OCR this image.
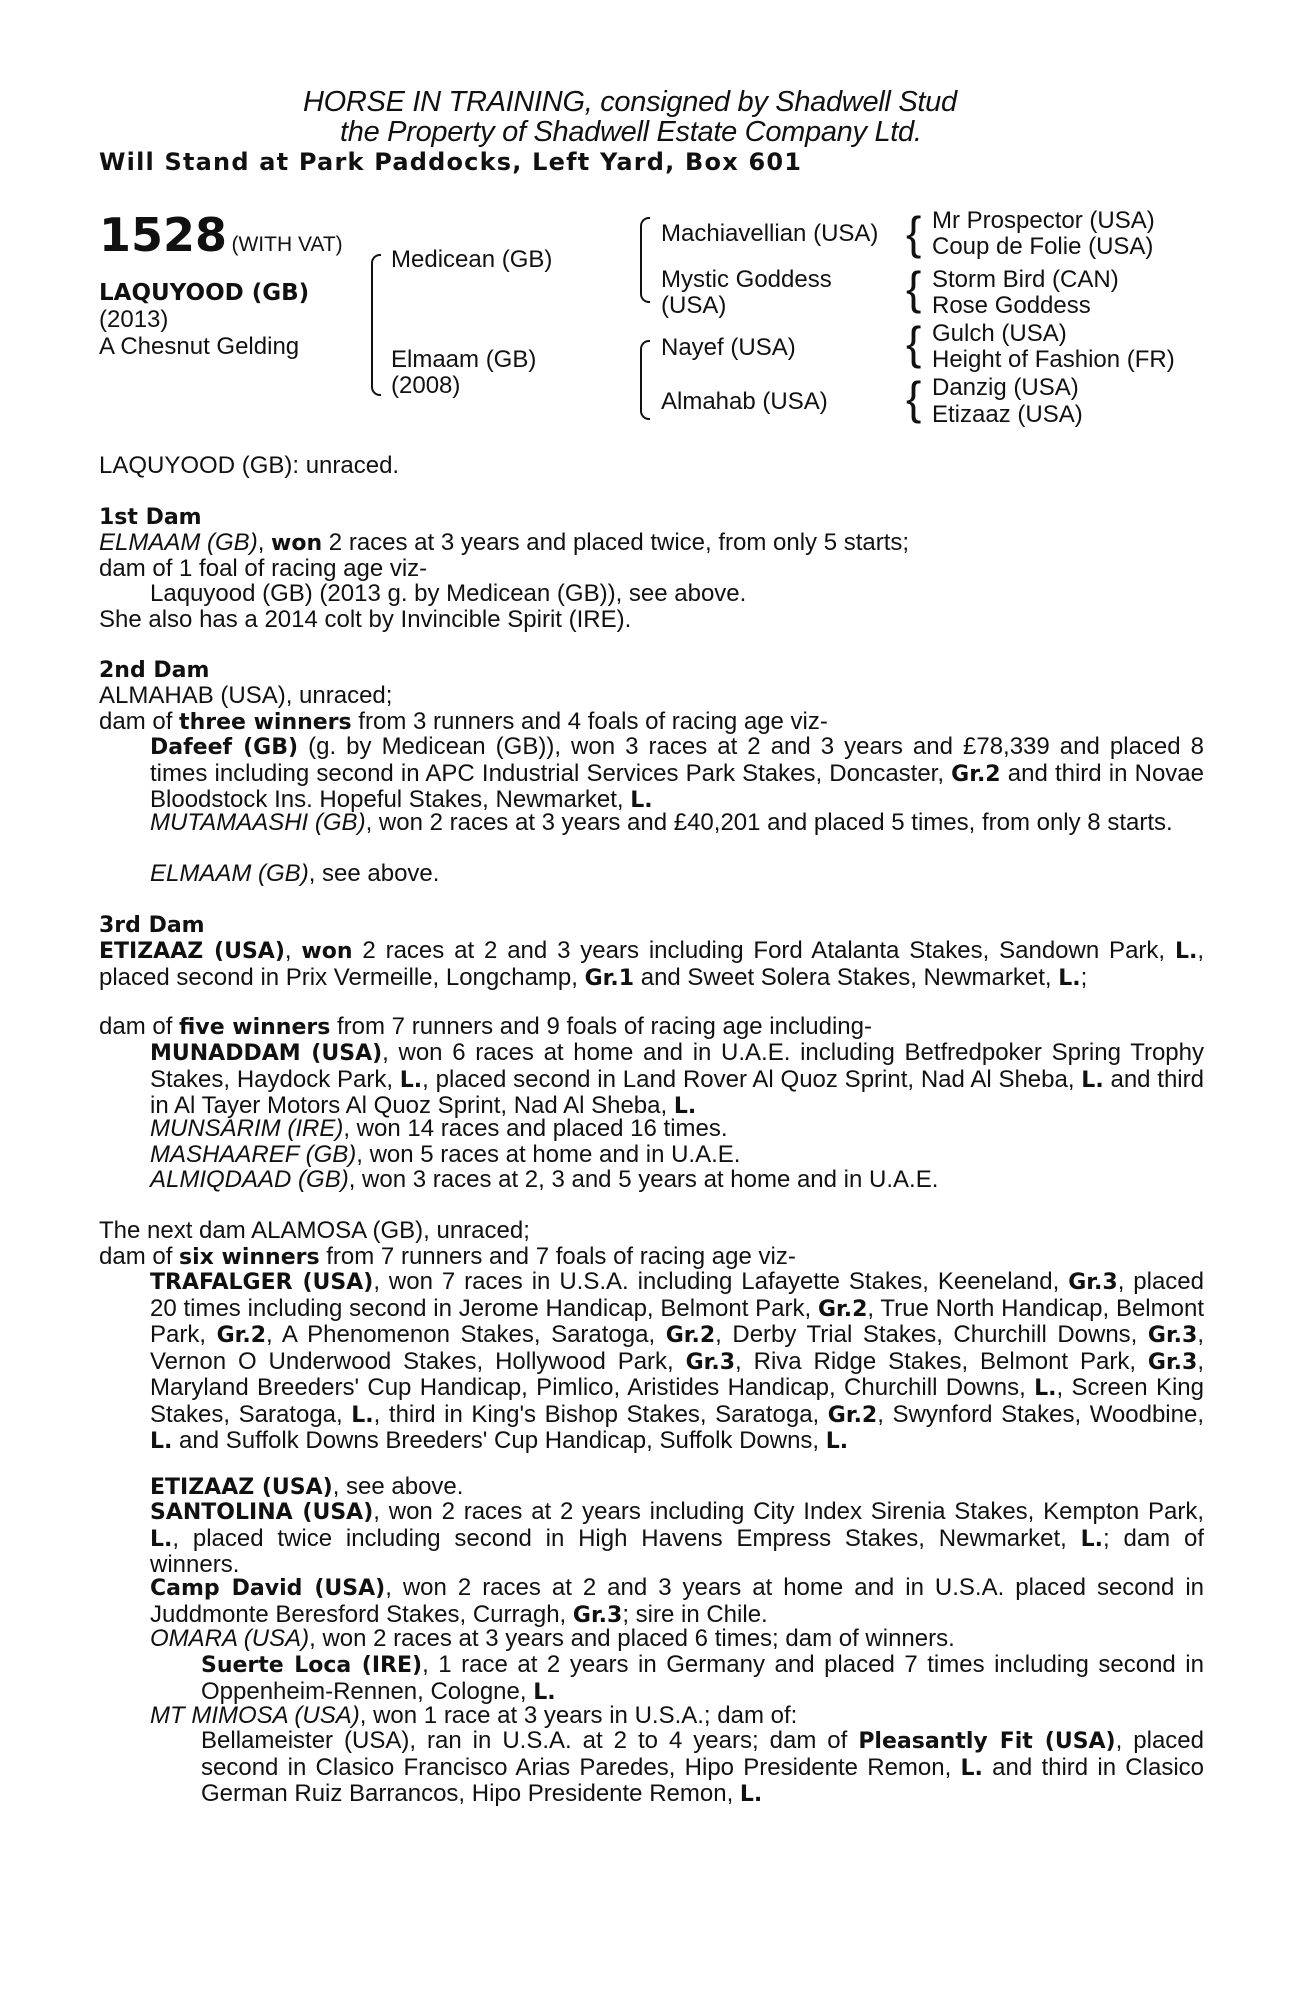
HORSE IN TRAINING, consigned by Shadwell Stud
the Property of Shadwell Estate Company Ltd.
Will Stand at Park Paddocks, Left Yard, Box 601
1528 (WITH VAT)
LAQUYOOD (GB)
(2013)
A Chesnut Gelding
Medicean (GB)
Elmaam (GB)
(2008)
Machiavellian (USA)
Mystic Goddess
(USA)
Nayef (USA)
Almahab (USA)
{ Mr Prospector (USA)
Coup de Folie (USA)
{ Storm Bird (CAN)
Rose Goddess
{ Gulch (USA)
Height of Fashion (FR)
{ Danzig (USA)
Etizaaz (USA)
LAQUYOOD (GB): unraced.
1st Dam
ELMAAM (GB), won 2 races at 3 years and placed twice, from only 5 starts;
dam of 1 foal of racing age viz-
Laquyood (GB) (2013 g. by Medicean (GB)), see above.
She also has a 2014 colt by Invincible Spirit (IRE).
2nd Dam
ALMAHAB (USA), unraced;
dam of three winners from 3 runners and 4 foals of racing age viz-
Dafeef (GB) (g. by Medicean (GB)), won 3 races at 2 and 3 years and £78,339 and placed 8 times including second in APC Industrial Services Park Stakes, Doncaster, Gr.2 and third in Novae Bloodstock Ins. Hopeful Stakes, Newmarket, L.
MUTAMAASHI (GB), won 2 races at 3 years and £40,201 and placed 5 times, from only 8 starts.
ELMAAM (GB), see above.
3rd Dam
ETIZAAZ (USA), won 2 races at 2 and 3 years including Ford Atalanta Stakes, Sandown Park, L., placed second in Prix Vermeille, Longchamp, Gr.1 and Sweet Solera Stakes, Newmarket, L.;
dam of five winners from 7 runners and 9 foals of racing age including-
MUNADDAM (USA), won 6 races at home and in U.A.E. including Betfredpoker Spring Trophy Stakes, Haydock Park, L., placed second in Land Rover Al Quoz Sprint, Nad Al Sheba, L. and third in Al Tayer Motors Al Quoz Sprint, Nad Al Sheba, L.
MUNSARIM (IRE), won 14 races and placed 16 times.
MASHAAREF (GB), won 5 races at home and in U.A.E.
ALMIQDAAD (GB), won 3 races at 2, 3 and 5 years at home and in U.A.E.
The next dam ALAMOSA (GB), unraced;
dam of six winners from 7 runners and 7 foals of racing age viz-
TRAFALGER (USA), won 7 races in U.S.A. including Lafayette Stakes, Keeneland, Gr.3, placed 20 times including second in Jerome Handicap, Belmont Park, Gr.2, True North Handicap, Belmont Park, Gr.2, A Phenomenon Stakes, Saratoga, Gr.2, Derby Trial Stakes, Churchill Downs, Gr.3, Vernon O Underwood Stakes, Hollywood Park, Gr.3, Riva Ridge Stakes, Belmont Park, Gr.3, Maryland Breeders' Cup Handicap, Pimlico, Aristides Handicap, Churchill Downs, L., Screen King Stakes, Saratoga, L., third in King's Bishop Stakes, Saratoga, Gr.2, Swynford Stakes, Woodbine, L. and Suffolk Downs Breeders' Cup Handicap, Suffolk Downs, L.
ETIZAAZ (USA), see above.
SANTOLINA (USA), won 2 races at 2 years including City Index Sirenia Stakes, Kempton Park, L., placed twice including second in High Havens Empress Stakes, Newmarket, L.; dam of winners.
Camp David (USA), won 2 races at 2 and 3 years at home and in U.S.A. placed second in Juddmonte Beresford Stakes, Curragh, Gr.3; sire in Chile.
OMARA (USA), won 2 races at 3 years and placed 6 times; dam of winners.
Suerte Loca (IRE), 1 race at 2 years in Germany and placed 7 times including second in Oppenheim-Rennen, Cologne, L.
MT MIMOSA (USA), won 1 race at 3 years in U.S.A.; dam of:
Bellameister (USA), ran in U.S.A. at 2 to 4 years; dam of Pleasantly Fit (USA), placed second in Clasico Francisco Arias Paredes, Hipo Presidente Remon, L. and third in Clasico German Ruiz Barrancos, Hipo Presidente Remon, L.
